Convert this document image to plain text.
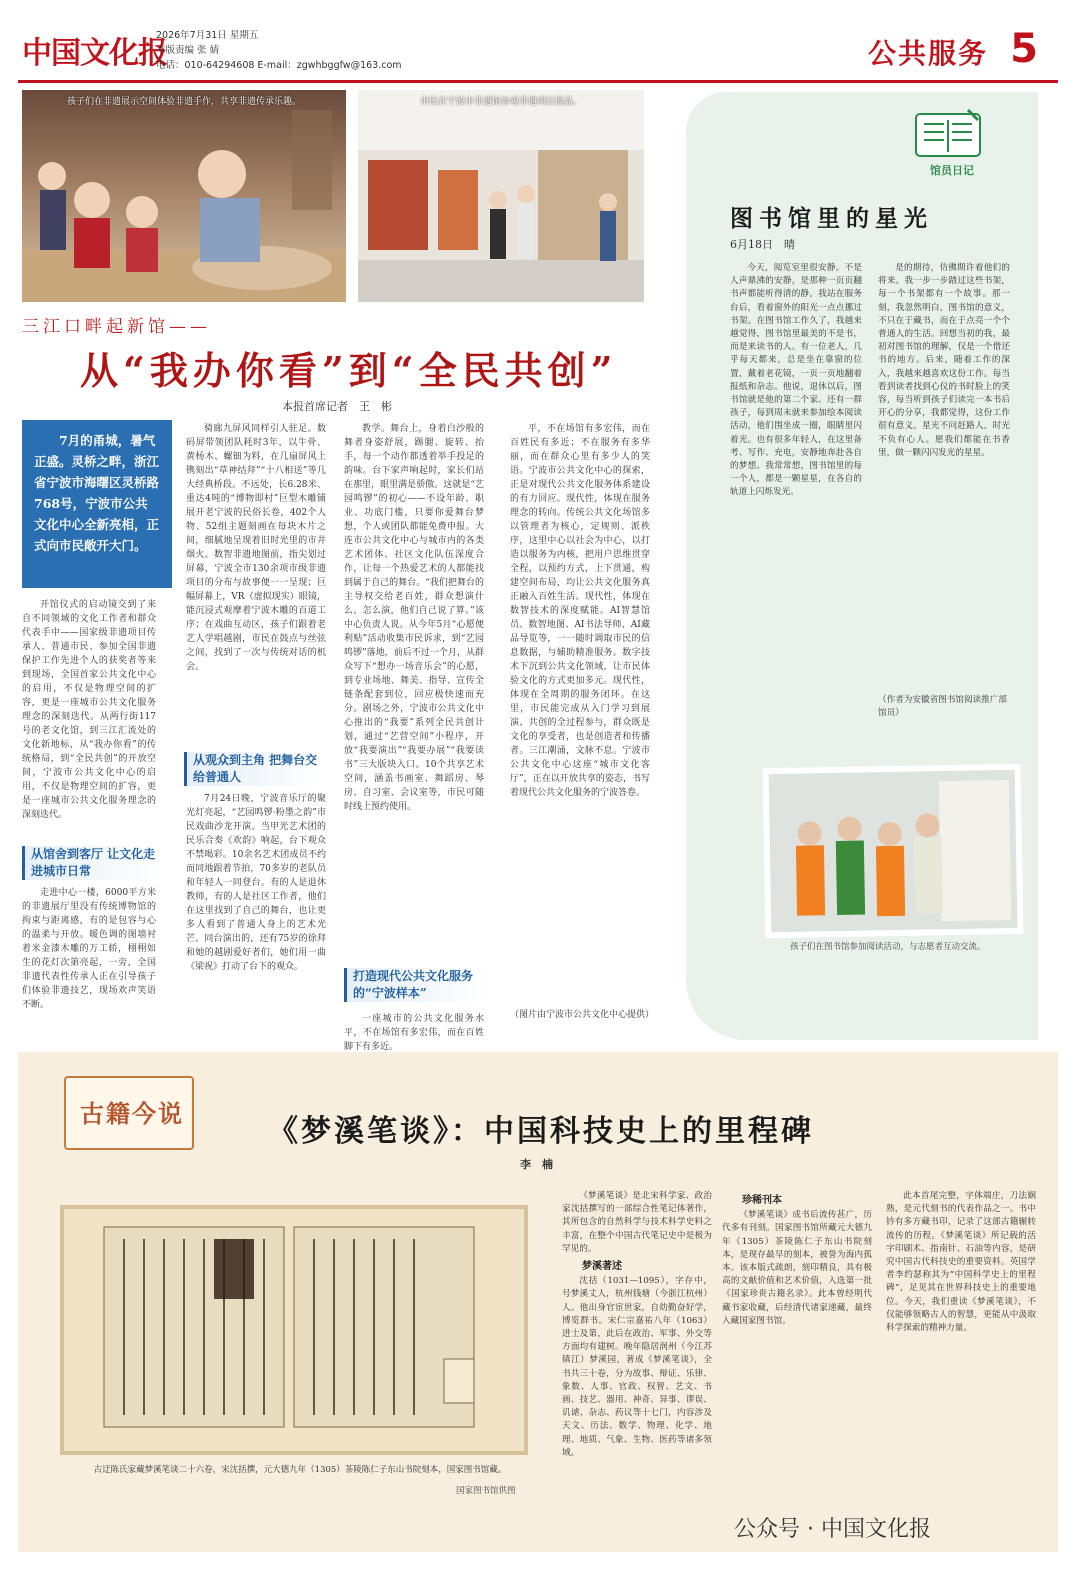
中国文化报
2026年7月31日 星期五
本版责编 张 婧
电话：010-64294608 E-mail：zgwhbggfw@163.com	公共服务 5
孩子们在非遗展示空间体验非遗手作，共享非遗传承乐趣。	市民在宁波市非遗馆参观非遗项目展品。
三江口畔起新馆——
从“我办你看”到“全民共创”
本报首席记者　王　彬
7月的甬城，暑气正盛。灵桥之畔，浙江省宁波市海曙区灵桥路768号，宁波市公共文化中心全新亮相，正式向市民敞开大门。

开馆仪式的启动镜交到了来自不同领域的文化工作者和群众代表手中——国家级非遗项目传承人、普通市民、参加全国非遗保护工作先进个人的获奖者等来到现场，全国首家公共文化中心的启用，不仅是物理空间的扩容，更是一座城市公共文化服务理念的深刻迭代。从两行街117号的老文化馆，到三江汇流处的文化新地标，从“我办你看”的传统格局，到“全民共创”的开放空间，宁波市公共文化中心的启用，不仅是物理空间的扩容，更是一座城市公共文化服务理念的深刻迭代。

从馆舍到客厅 让文化走进城市日常

走进中心一楼，6000平方米的非遗展厅里没有传统博物馆的拘束与距离感，有的是包容与心的温柔与开放。暖色调的图墙衬着米金漆木雕的万工轿，栩栩如生的花灯次第亮起，一旁，全国非遗代表性传承人正在引导孩子们体验非遗技艺，现场欢声笑语不断。

骑廊九屏风同样引人驻足。数码屏带领团队耗时3年，以牛骨、黄杨木、螺钿为料，在几扇屏风上镌刻出“草神结拜”“十八相送”等几大经典桥段。不远处，长6.28米、重达4吨的“博物即村”巨型木雕铺展开老宁波的民俗长卷，402个人物、52组主题刻画在每块木片之间，细腻地呈现着旧时光里的市井烟火。数智非遗地图前，指尖划过屏幕，宁波全市130余项市级非遗项目的分布与故事便一一呈现；巨幅屏幕上，VR（虚拟现实）眼镜，能沉浸式观摩着宁波木雕的百道工序；在戏曲互动区，孩子们跟着老艺人学唱越剧，市民在鼓点与丝弦之间，找到了一次与传统对话的机会。

从观众到主角 把舞台交给普通人

7月24日晚，宁波音乐厅的聚光灯亮起，“艺园鸣锣·粉墨之韵”市民戏曲沙龙开演。当甲光艺术团的民乐合奏《欢韵》响起，台下观众不禁喝彩。10余名艺术团成员不约而同地跟着节拍，70多岁的老队员和年轻人一同登台。有的人是退休教师，有的人是社区工作者，他们在这里找到了自己的舞台，也让更多人看到了普通人身上的艺术光芒。同台演出的，还有75岁的徐拜和她的越剧爱好者们，她们用一曲《梁祝》打动了台下的观众。

教学。舞台上，身着白沙般的舞者身姿舒展，踢腿、旋转、抬手，每一个动作都透着举手投足的韵味。台下家声响起时，家长们站在那里，眼里满是骄傲。这就是“艺园鸣锣”的初心——不设年龄、职业、功底门槛，只要你爱舞台梦想，个人或团队都能免费申报。大连市公共文化中心与城市内的各类艺术团体、社区文化队伍深度合作，让每一个热爱艺术的人都能找到属于自己的舞台。“我们把舞台的主导权交给老百姓，群众想演什么、怎么演，他们自己说了算。”该中心负责人说。从今年5月“心愿便利贴”活动收集市民诉求，到“艺园鸣锣”落地，前后不过一个月，从群众写下“想办一场音乐会”的心愿，到专业场地、舞美、指导、宣传全链条配套到位，回应极快速而充分。剧场之外，宁波市公共文化中心推出的“我要”系列全民共创计划，通过“艺营空间”小程序，开放“我要演出”“我要办展”“我要读书”三大版块入口。10个共享艺术空间，涵盖书画室、舞蹈房、琴房、自习室、会议室等，市民可随时线上预约使用。

打造现代公共文化服务的“宁波样本”

一座城市的公共文化服务水平，不在场馆有多宏伟，而在百姓脚下有多近。

平，不在场馆有多宏伟，而在百姓民有多近；不在服务有多华丽，而在群众心里有多少人的笑语。宁波市公共文化中心的探索，正是对现代公共文化服务体系建设的有力回应。现代性，体现在服务理念的转向。传统公共文化场馆多以管理者为核心，定规则、派秩序，这里中心以社会为中心，以打造以服务为内核，把用户思维贯穿全程，以预约方式，上下贯通，构建空间布局，均让公共文化服务真正融入百姓生活。现代性，体现在数智技术的深度赋能。AI智慧馆员、数智地图、AI书法导师、AI藏品导览等，一一随时调取市民的信息数据，与辅助精准服务。数字技术下沉到公共文化领域，让市民体验文化的方式更加多元。现代性，体现在全周期的服务闭环。在这里，市民能完成从入门学习到展演、共创的全过程参与，群众既是文化的享受者，也是创造者和传播者。三江潮涌，文脉不息。宁波市公共文化中心这座“城市文化客厅”，正在以开放共享的姿态，书写着现代公共文化服务的宁波答卷。

（图片由宁波市公共文化中心提供）
馆员日记
图书馆里的星光
6月18日　晴
今天，阅览室里很安静。不是人声鼎沸的安静，是那种一页页翻书声都能听得清的静。我站在服务台后，看着窗外的阳光一点点挪过书架。在图书馆工作久了，我越来越觉得，图书馆里最美的不是书，而是来读书的人。有一位老人，几乎每天都来，总是坐在靠窗的位置，戴着老花镜，一页一页地翻着报纸和杂志。他说，退休以后，图书馆就是他的第二个家。还有一群孩子，每到周末就来参加绘本阅读活动，他们围坐成一圈，眼睛里闪着光。也有很多年轻人，在这里备考、写作、充电，安静地奔赴各自的梦想。我常常想，图书馆里的每一个人，都是一颗星星，在各自的轨道上闪烁发光。
是的期待，仿佛期许着他们的将来。我一步一步踏过这些书架，每一个书架都有一个故事。那一刻，我忽然明白，图书馆的意义，不只在于藏书，而在于点亮一个个普通人的生活。回想当初的我，最初对图书馆的理解，仅是一个借还书的地方。后来，随着工作的深入，我越来越喜欢这份工作。每当看到读者找到心仪的书时脸上的笑容，每当听到孩子们读完一本书后开心的分享，我都觉得，这份工作很有意义。星光不问赶路人，时光不负有心人。愿我们都能在书香里，做一颗闪闪发光的星星。
（作者为安徽省图书馆阅读推广部馆员）
孩子们在图书馆参加阅读活动，与志愿者互动交流。
古籍今说
《梦溪笔谈》：中国科技史上的里程碑
李　楠
古迂陈氏家藏梦溪笔谈二十六卷，宋沈括撰，元大德九年（1305）茶陵陈仁子东山书院刻本，国家图书馆藏。
国家图书馆供图

《梦溪笔谈》是北宋科学家、政治家沈括撰写的一部综合性笔记体著作，其所包含的自然科学与技术科学史料之丰富，在整个中国古代笔记史中是极为罕见的。

梦溪著述

沈括（1031—1095），字存中，号梦溪丈人，杭州钱塘（今浙江杭州）人。他出身官宦世家，自幼勤奋好学，博览群书。宋仁宗嘉祐八年（1063）进士及第，此后在政治、军事、外交等方面均有建树。晚年隐居润州（今江苏镇江）梦溪园，著成《梦溪笔谈》，全书共三十卷，分为故事、辩证、乐律、象数、人事、官政、权智、艺文、书画、技艺、器用、神奇、异事、谬误、讥谑、杂志、药议等十七门，内容涉及天文、历法、数学、物理、化学、地理、地质、气象、生物、医药等诸多领域。

珍稀刊本

《梦溪笔谈》成书后流传甚广，历代多有刊刻。国家图书馆所藏元大德九年（1305）茶陵陈仁子东山书院刻本，是现存最早的刻本，被誉为海内孤本。该本版式疏朗，刻印精良，具有极高的文献价值和艺术价值，入选第一批《国家珍贵古籍名录》。此本曾经明代藏书家收藏，后经清代诸家递藏，最终入藏国家图书馆。

此本首尾完整，字体端庄，刀法娴熟，是元代刻书的代表作品之一。书中钤有多方藏书印，记录了这部古籍辗转流传的历程。《梦溪笔谈》所记载的活字印刷术、指南针、石油等内容，是研究中国古代科技史的重要资料。英国学者李约瑟称其为“中国科学史上的里程碑”，足见其在世界科技史上的重要地位。今天，我们重读《梦溪笔谈》，不仅能够领略古人的智慧，更能从中汲取科学探索的精神力量。

公众号 · 中国文化报
